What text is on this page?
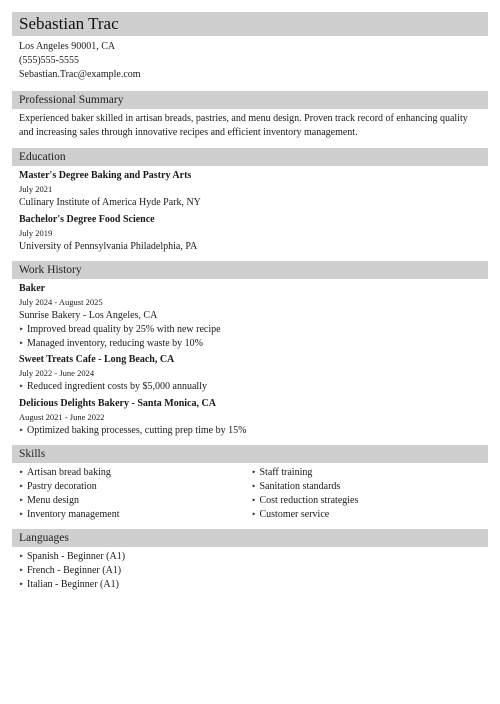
Sebastian Trac
Los Angeles 90001, CA
(555)555-5555
Sebastian.Trac@example.com
Professional Summary
Experienced baker skilled in artisan breads, pastries, and menu design. Proven track record of enhancing quality and increasing sales through innovative recipes and efficient inventory management.
Education
Master's Degree Baking and Pastry Arts
July 2021
Culinary Institute of America Hyde Park, NY
Bachelor's Degree Food Science
July 2019
University of Pennsylvania Philadelphia, PA
Work History
Baker
July 2024 - August 2025
Sunrise Bakery - Los Angeles, CA
‣ Improved bread quality by 25% with new recipe
‣ Managed inventory, reducing waste by 10%
Sweet Treats Cafe - Long Beach, CA
July 2022 - June 2024
‣ Reduced ingredient costs by $5,000 annually
Delicious Delights Bakery - Santa Monica, CA
August 2021 - June 2022
‣ Optimized baking processes, cutting prep time by 15%
Skills
‣ Artisan bread baking
‣ Pastry decoration
‣ Menu design
‣ Inventory management
‣ Staff training
‣ Sanitation standards
‣ Cost reduction strategies
‣ Customer service
Languages
‣ Spanish - Beginner (A1)
‣ French - Beginner (A1)
‣ Italian - Beginner (A1)
